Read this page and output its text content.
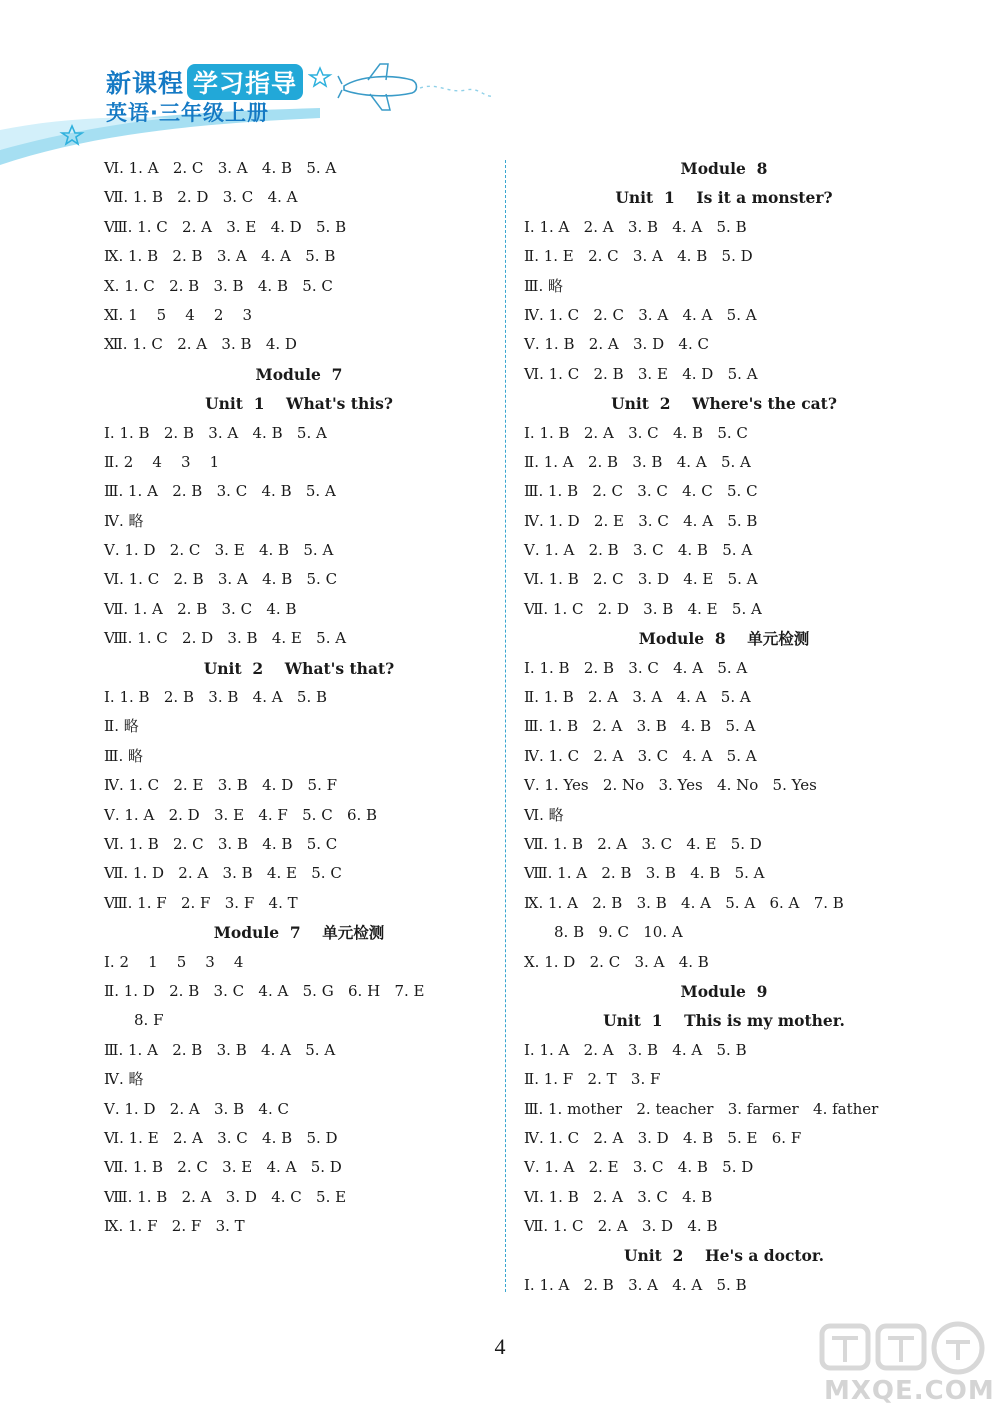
新课程 学习指导
英语·三年级上册
Ⅵ. 1. A   2. C   3. A   4. B   5. A
Ⅶ. 1. B   2. D   3. C   4. A
Ⅷ. 1. C   2. A   3. E   4. D   5. B
Ⅸ. 1. B   2. B   3. A   4. A   5. B
Ⅹ. 1. C   2. B   3. B   4. B   5. C
Ⅺ. 1    5    4    2    3
Ⅻ. 1. C   2. A   3. B   4. D
Module  7
Unit  1    What's this?
Ⅰ. 1. B   2. B   3. A   4. B   5. A
Ⅱ. 2    4    3    1
Ⅲ. 1. A   2. B   3. C   4. B   5. A
Ⅳ. 略
Ⅴ. 1. D   2. C   3. E   4. B   5. A
Ⅵ. 1. C   2. B   3. A   4. B   5. C
Ⅶ. 1. A   2. B   3. C   4. B
Ⅷ. 1. C   2. D   3. B   4. E   5. A
Unit  2    What's that?
Ⅰ. 1. B   2. B   3. B   4. A   5. B
Ⅱ. 略
Ⅲ. 略
Ⅳ. 1. C   2. E   3. B   4. D   5. F
Ⅴ. 1. A   2. D   3. E   4. F   5. C   6. B
Ⅵ. 1. B   2. C   3. B   4. B   5. C
Ⅶ. 1. D   2. A   3. B   4. E   5. C
Ⅷ. 1. F   2. F   3. F   4. T
Module  7    单元检测
Ⅰ. 2    1    5    3    4
Ⅱ. 1. D   2. B   3. C   4. A   5. G   6. H   7. E
8. F
Ⅲ. 1. A   2. B   3. B   4. A   5. A
Ⅳ. 略
Ⅴ. 1. D   2. A   3. B   4. C
Ⅵ. 1. E   2. A   3. C   4. B   5. D
Ⅶ. 1. B   2. C   3. E   4. A   5. D
Ⅷ. 1. B   2. A   3. D   4. C   5. E
Ⅸ. 1. F   2. F   3. T
Module  8
Unit  1    Is it a monster?
Ⅰ. 1. A   2. A   3. B   4. A   5. B
Ⅱ. 1. E   2. C   3. A   4. B   5. D
Ⅲ. 略
Ⅳ. 1. C   2. C   3. A   4. A   5. A
Ⅴ. 1. B   2. A   3. D   4. C
Ⅵ. 1. C   2. B   3. E   4. D   5. A
Unit  2    Where's the cat?
Ⅰ. 1. B   2. A   3. C   4. B   5. C
Ⅱ. 1. A   2. B   3. B   4. A   5. A
Ⅲ. 1. B   2. C   3. C   4. C   5. C
Ⅳ. 1. D   2. E   3. C   4. A   5. B
Ⅴ. 1. A   2. B   3. C   4. B   5. A
Ⅵ. 1. B   2. C   3. D   4. E   5. A
Ⅶ. 1. C   2. D   3. B   4. E   5. A
Module  8    单元检测
Ⅰ. 1. B   2. B   3. C   4. A   5. A
Ⅱ. 1. B   2. A   3. A   4. A   5. A
Ⅲ. 1. B   2. A   3. B   4. B   5. A
Ⅳ. 1. C   2. A   3. C   4. A   5. A
Ⅴ. 1. Yes   2. No   3. Yes   4. No   5. Yes
Ⅵ. 略
Ⅶ. 1. B   2. A   3. C   4. E   5. D
Ⅷ. 1. A   2. B   3. B   4. B   5. A
Ⅸ. 1. A   2. B   3. B   4. A   5. A   6. A   7. B
8. B   9. C   10. A
Ⅹ. 1. D   2. C   3. A   4. B
Module  9
Unit  1    This is my mother.
Ⅰ. 1. A   2. A   3. B   4. A   5. B
Ⅱ. 1. F   2. T   3. F
Ⅲ. 1. mother   2. teacher   3. farmer   4. father
Ⅳ. 1. C   2. A   3. D   4. B   5. E   6. F
Ⅴ. 1. A   2. E   3. C   4. B   5. D
Ⅵ. 1. B   2. A   3. C   4. B
Ⅶ. 1. C   2. A   3. D   4. B
Unit  2    He's a doctor.
Ⅰ. 1. A   2. B   3. A   4. A   5. B
4
MXQE.COM
